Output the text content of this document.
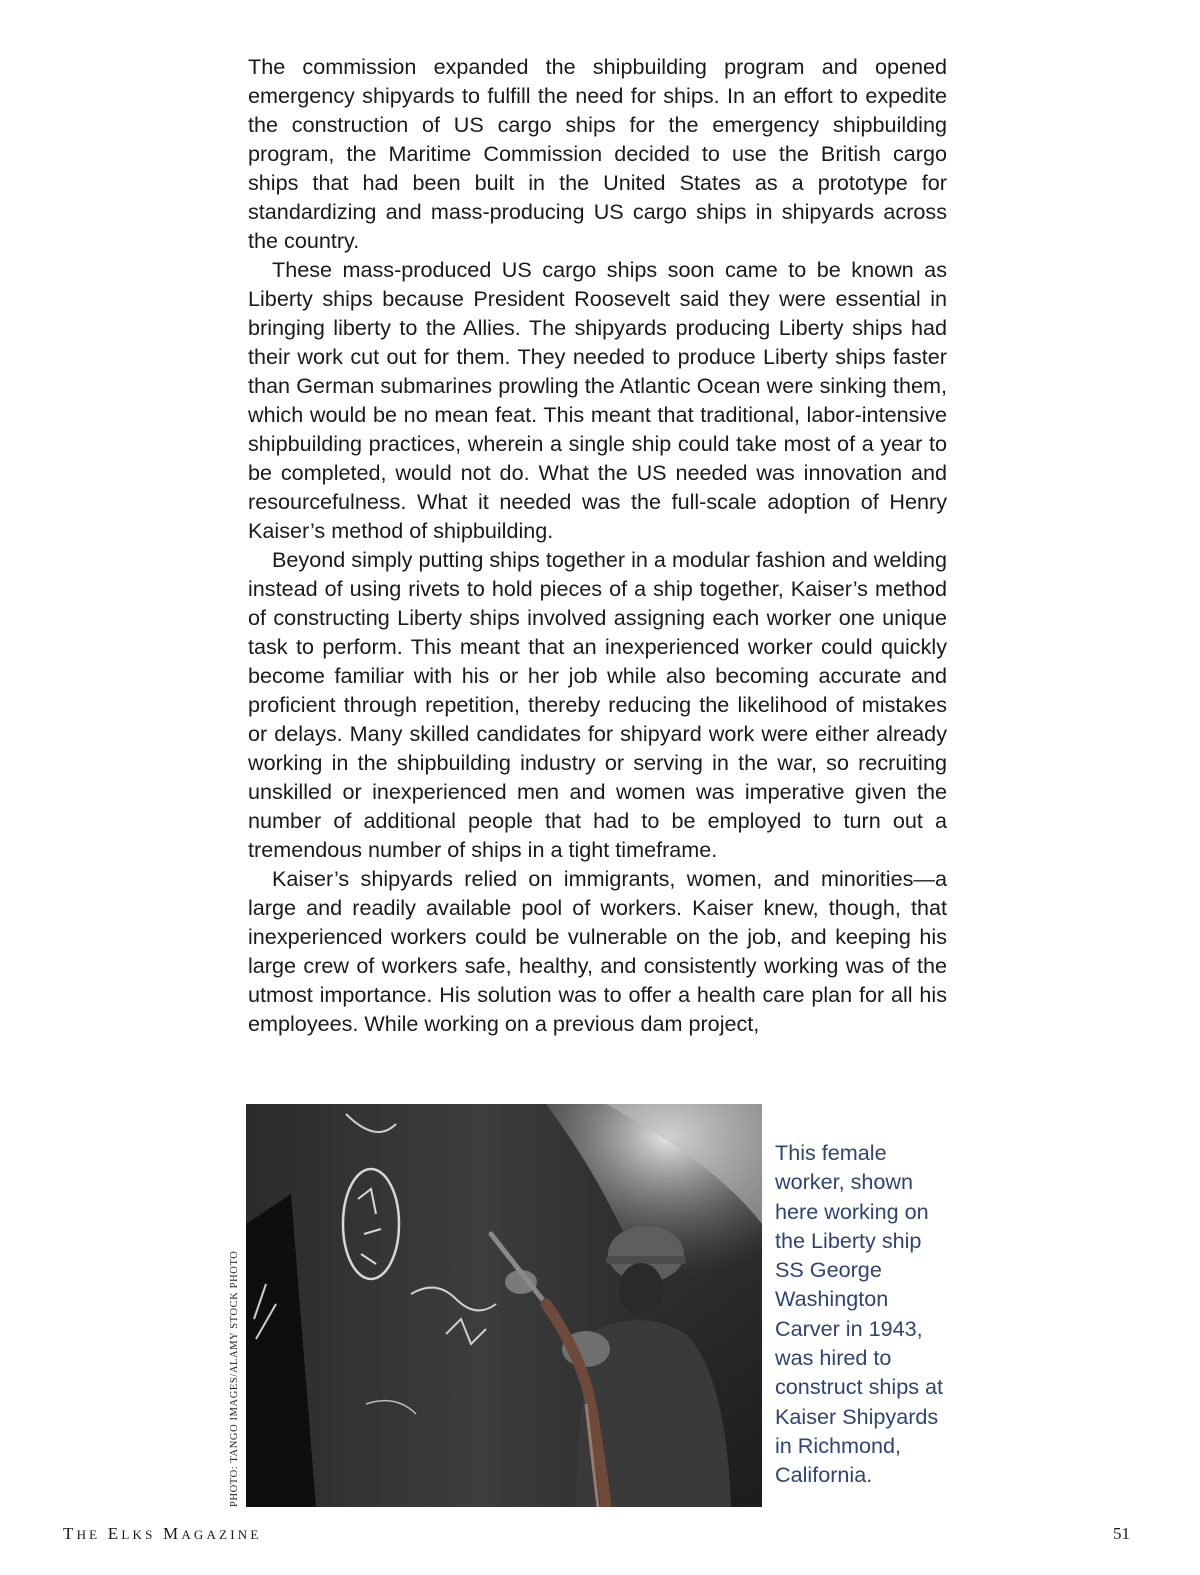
The commission expanded the shipbuilding program and opened emergency shipyards to fulfill the need for ships. In an effort to expedite the construction of US cargo ships for the emergency shipbuilding program, the Maritime Commission decided to use the British cargo ships that had been built in the United States as a prototype for standardizing and mass-producing US cargo ships in shipyards across the country.

These mass-produced US cargo ships soon came to be known as Liberty ships because President Roosevelt said they were essential in bringing liberty to the Allies. The shipyards producing Liberty ships had their work cut out for them. They needed to produce Liberty ships faster than German submarines prowling the Atlantic Ocean were sinking them, which would be no mean feat. This meant that traditional, labor-intensive shipbuilding practices, wherein a single ship could take most of a year to be completed, would not do. What the US needed was innovation and resourcefulness. What it needed was the full-scale adoption of Henry Kaiser’s method of shipbuilding.

Beyond simply putting ships together in a modular fashion and welding instead of using rivets to hold pieces of a ship together, Kaiser’s method of constructing Liberty ships involved assigning each worker one unique task to perform. This meant that an inexperienced worker could quickly become familiar with his or her job while also becoming accurate and proficient through repetition, thereby reducing the likelihood of mistakes or delays. Many skilled candidates for shipyard work were either already working in the shipbuilding industry or serving in the war, so recruiting unskilled or inexperienced men and women was imperative given the number of additional people that had to be employed to turn out a tremendous number of ships in a tight timeframe.

Kaiser’s shipyards relied on immigrants, women, and minorities—a large and readily available pool of workers. Kaiser knew, though, that inexperienced workers could be vulnerable on the job, and keeping his large crew of workers safe, healthy, and consistently working was of the utmost importance. His solution was to offer a health care plan for all his employees. While working on a previous dam project,

PHOTO: TANGO IMAGES/ALAMY STOCK PHOTO
This female worker, shown here working on the Liberty ship SS George Washington Carver in 1943, was hired to construct ships at Kaiser Shipyards in Richmond, California.
THE ELKS MAGAZINE	51
